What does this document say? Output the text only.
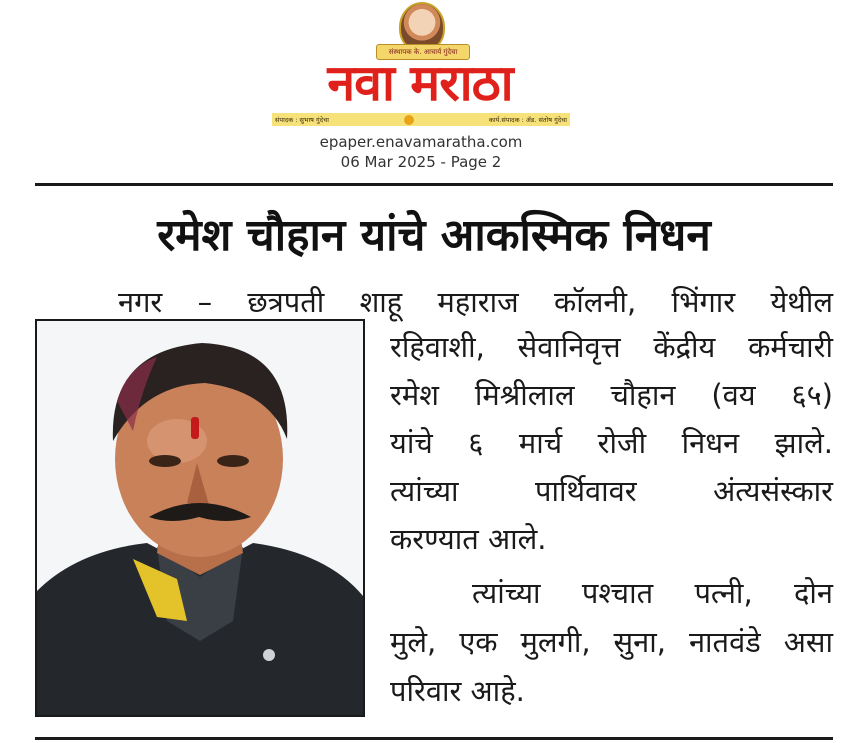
संस्थापक के. आचार्य गुंदेचा
नवा मराठा
संपादक : सुभाष गुंदेचा	कार्य.संपादक : ॲड. संतोष गुंदेचा
epaper.enavamaratha.com
06 Mar 2025 - Page 2
रमेश चौहान यांचे आकस्मिक निधन
नगर – छत्रपती शाहू महाराज कॉलनी, भिंगार येथील
रहिवाशी, सेवानिवृत्त केंद्रीय कर्मचारी
रमेश मिश्रीलाल चौहान (वय ६५)
यांचे ६ मार्च रोजी निधन झाले.
त्यांच्या पार्थिवावर अंत्यसंस्कार
करण्यात आले.
त्यांच्या पश्चात पत्नी, दोन
मुले, एक मुलगी, सुना, नातवंडे असा
परिवार आहे.
